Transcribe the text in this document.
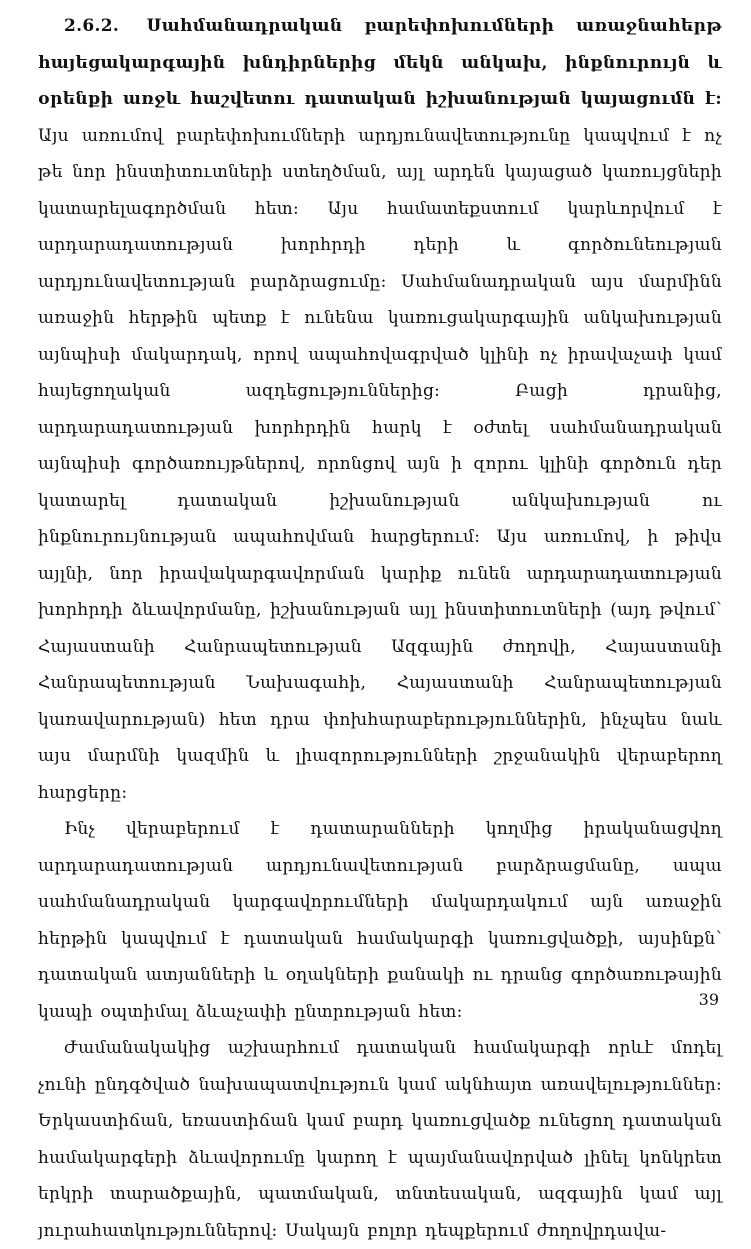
2.6.2. Սահմանադրական բարեփոխումների առաջնահերթ հայեցակարգային խնդիրներից մեկն անկախ, ինքնուրույն և օրենքի առջև հաշվետու դատական իշխանության կայացումն է: Այս առումով բարեփոխումների արդյունավետությունը կապվում է ոչ թե նոր ինստիտուտների ստեղծման, այլ արդեն կայացած կառույցների կատարելագործման հետ: Այս համատեքստում կարևորվում է արդարադատության խորհրդի դերի և գործունեության արդյունավետության բարձրացումը: Սահմանադրական այս մարմինն առաջին հերթին պետք է ունենա կառուցակարգային անկախության այնպիսի մակարդակ, որով ապահովագրված կլինի ոչ իրավաչափ կամ հայեցողական ազդեցություններից: Բացի դրանից, արդարադատության խորհրդին հարկ է օժտել սահմանադրական այնպիսի գործառույթներով, որոնցով այն ի զորու կլինի գործուն դեր կատարել դատական իշխանության անկախության ու ինքնուրույնության ապահովման հարցերում: Այս առումով, ի թիվս այլնի, նոր իրավակարգավորման կարիք ունեն արդարադատության խորհրդի ձևավորմանը, իշխանության այլ ինստիտուտների (այդ թվում՝ Հայաստանի Հանրապետության Ազգային ժողովի, Հայաստանի Հանրապետության Նախագահի, Հայաստանի Հանրապետության կառավարության) հետ դրա փոխհարաբերություններին, ինչպես նաև այս մարմնի կազմին և լիազորությունների շրջանակին վերաբերող հարցերը:

Ինչ վերաբերում է դատարանների կողմից իրականացվող արդարադատության արդյունավետության բարձրացմանը, ապա սահմանադրական կարգավորումների մակարդակում այն առաջին հերթին կապվում է դատական համակարգի կառուցվածքի, այսինքն՝ դատական ատյանների և օղակների քանակի ու դրանց գործառութային կապի օպտիմալ ձևաչափի ընտրության հետ:

Ժամանակակից աշխարհում դատական համակարգի որևէ մոդել չունի ընդգծված նախապատվություն կամ ակնհայտ առավելություններ: Երկաստիճան, եռաստիճան կամ բարդ կառուցվածք ունեցող դատական համակարգերի ձևավորումը կարող է պայմանավորված լինել կոնկրետ երկրի տարածքային, պատմական, տնտեսական, ազգային կամ այլ յուրահատկություններով: Սակայն բոլոր դեպքերում ժողովրդավա-

39
